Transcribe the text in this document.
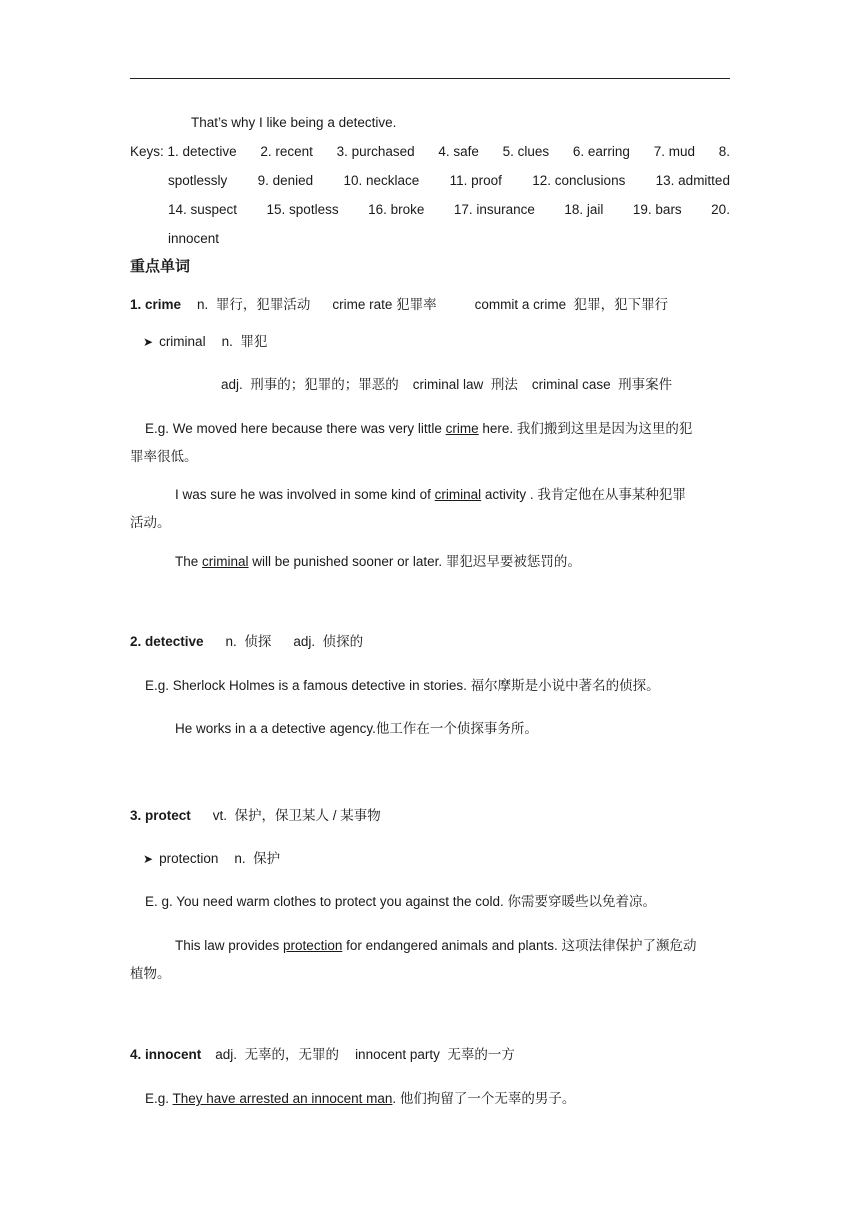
That’s why I like being a detective.
Keys: 1. detective 2. recent 3. purchased 4. safe 5. clues 6. earring 7. mud 8.
spotlessly 9. denied 10. necklace 11. proof 12. conclusions 13. admitted
14. suspect 15. spotless 16. broke 17. insurance 18. jail 19. bars 20.
innocent
重点单词
1. crime n. 罪行，犯罪活动 crime rate 犯罪率	commit a crime 犯罪，犯下罪行
➤ criminal n. 罪犯
adj. 刑事的；犯罪的；罪恶的 criminal law 刑法 criminal case 刑事案件
E.g. We moved here because there was very little crime here. 我们搬到这里是因为这里的犯
罪率很低。
I was sure he was involved in some kind of criminal activity . 我肯定他在从事某种犯罪
活动。
The criminal will be punished sooner or later. 罪犯迟早要被惩罚的。
2. detective n. 侦探 adj. 侦探的
E.g. Sherlock Holmes is a famous detective in stories. 福尔摩斯是小说中著名的侦探。
He works in a a detective agency.他工作在一个侦探事务所。
3. protect vt. 保护，保卫某人 / 某事物
➤ protection n. 保护
E. g. You need warm clothes to protect you against the cold. 你需要穿暖些以免着凉。
This law provides protection for endangered animals and plants. 这项法律保护了濒危动
植物。
4. innocent adj. 无辜的，无罪的 innocent party 无辜的一方
E.g. They have arrested an innocent man. 他们拘留了一个无辜的男子。
